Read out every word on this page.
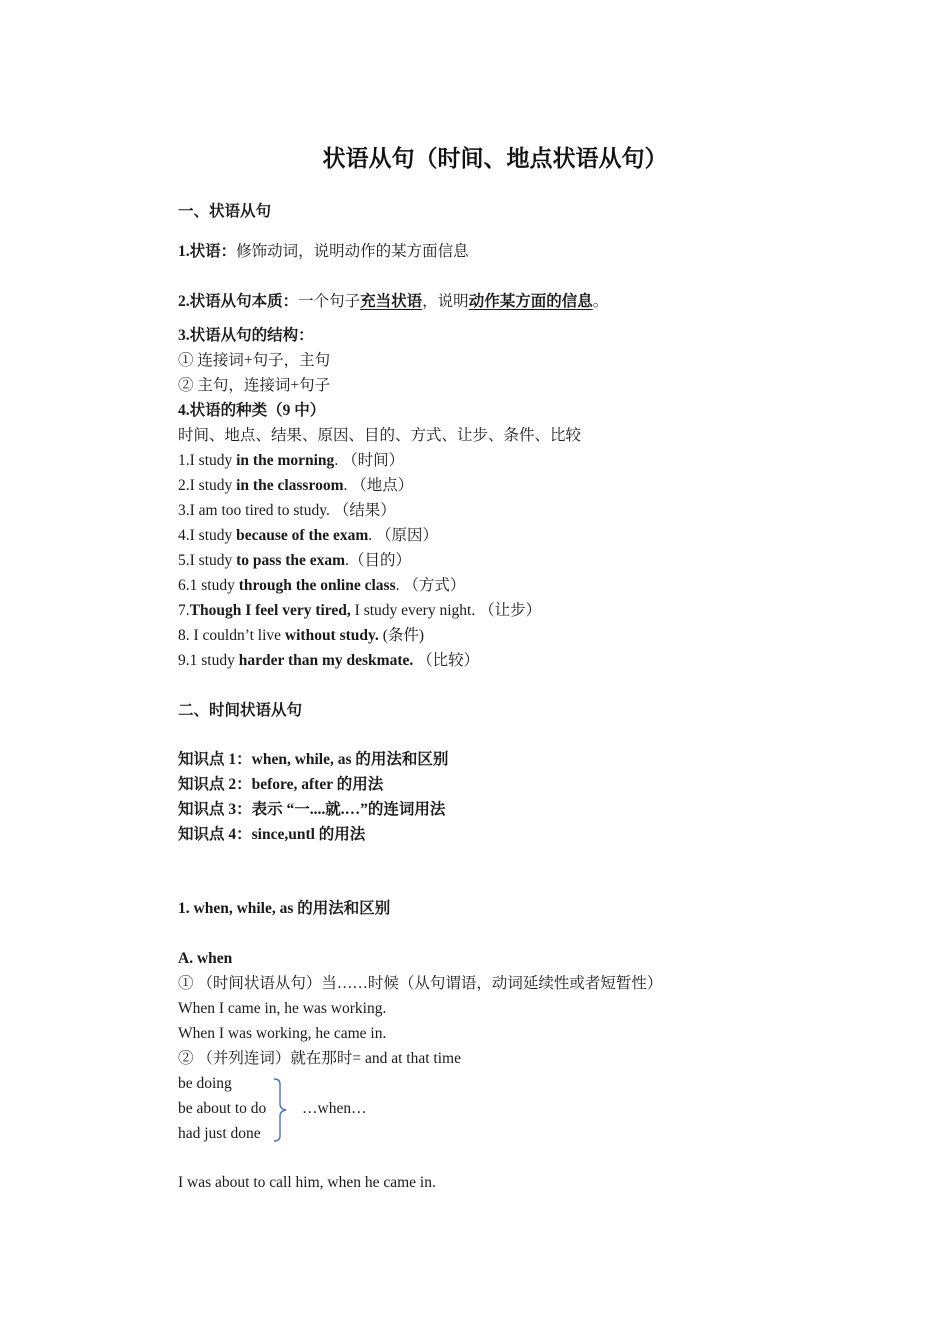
状语从句（时间、地点状语从句）
一、状语从句
1.状语：修饰动词，说明动作的某方面信息
2.状语从句本质：一个句子充当状语，说明动作某方面的信息。
3.状语从句的结构：
① 连接词+句子，主句
② 主句，连接词+句子
4.状语的种类（9 中）
时间、地点、结果、原因、目的、方式、让步、条件、比较
1.I study in the morning. （时间）
2.I study in the classroom. （地点）
3.I am too tired to study. （结果）
4.I study because of the exam. （原因）
5.I study to pass the exam.（目的）
6.1 study through the online class. （方式）
7.Though I feel very tired, I study every night. （让步）
8. I couldn’t live without study. (条件)
9.1 study harder than my deskmate. （比较）
二、时间状语从句
知识点 1：when, while, as 的用法和区别
知识点 2：before, after 的用法
知识点 3：表示 “一....就.…”的连词用法
知识点 4：since,untl 的用法
1. when, while, as 的用法和区别
A. when
① （时间状语从句）当……时候（从句谓语，动词延续性或者短暂性）
When I came in, he was working.
When I was working, he came in.
② （并列连词）就在那时= and at that time
be doing
be about to do
had just done
…when…
I was about to call him, when he came in.
